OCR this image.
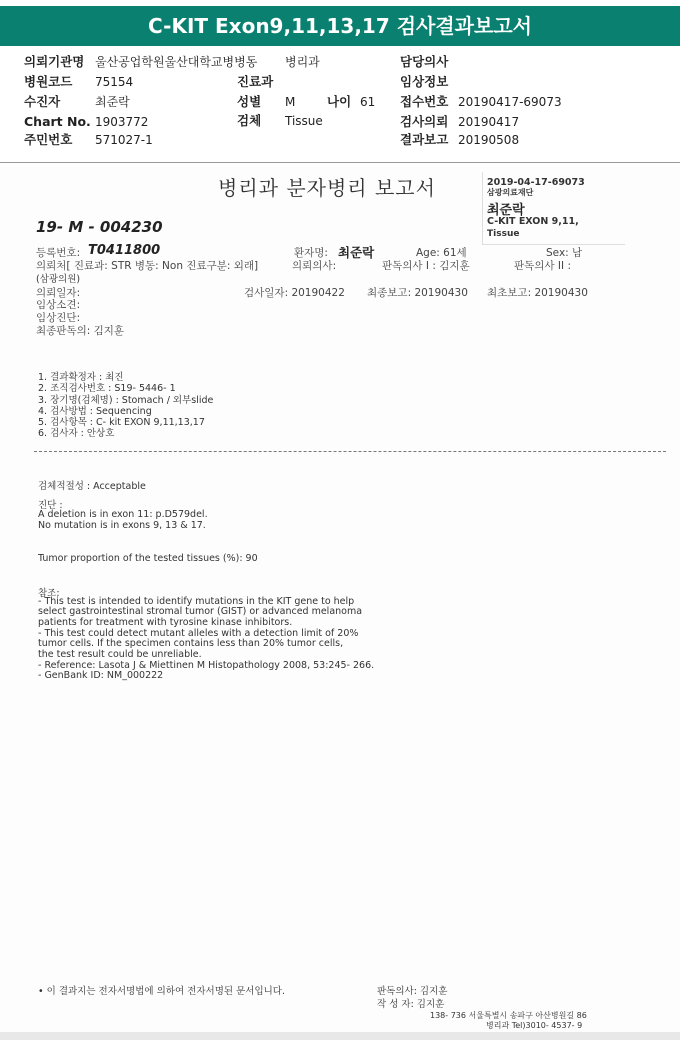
C-KIT Exon9,11,13,17 검사결과보고서
의뢰기관명 울산공업학원울산대학교병병동 병리과	담당의사
병원코드 75154	진료과	임상정보
수진자	최준락	성별 M	나이 61 접수번호 20190417-69073
Chart No. 1903772	검체 Tissue	검사의뢰 20190417
주민번호 571027-1	결과보고 20190508
병리과 분자병리 보고서	2019-04-17-69073
삼광의료재단
최준락
C-KIT EXON 9,11,
Tissue
19- M - 004230
등록번호: T0411800	환자명: 최준락	Age: 61세	Sex: 남
의뢰처[ 진료과: STR 병동: Non 진료구분: 외래]	의뢰의사:	판독의사 I : 김지훈	판독의사 II :
(삼광의원)
의뢰일자:	검사일자: 20190422 최종보고: 20190430 최초보고: 20190430
임상소견:
임상진단:
최종판독의: 김지훈
1. 결과확정자 : 최진
2. 조직검사번호 : S19- 5446- 1
3. 장기명(검체명) : Stomach / 외부slide
4. 검사방법 : Sequencing
5. 검사항목 : C- kit EXON 9,11,13,17
6. 검사자 : 안상호
검체적절성 : Acceptable
진단 :
A deletion is in exon 11: p.D579del.
No mutation is in exons 9, 13 & 17.
Tumor proportion of the tested tissues (%): 90
참조:
- This test is intended to identify mutations in the KIT gene to help
select gastrointestinal stromal tumor (GIST) or advanced melanoma
patients for treatment with tyrosine kinase inhibitors.
- This test could detect mutant alleles with a detection limit of 20%
tumor cells. If the specimen contains less than 20% tumor cells,
the test result could be unreliable.
- Reference: Lasota J & Miettinen M Histopathology 2008, 53:245- 266.
- GenBank ID: NM_000222
• 이 결과지는 전자서명법에 의하여 전자서명된 문서입니다.	판독의사: 김지훈
작 성 자: 김지훈
138- 736 서울특별시 송파구 아산병원길 86
병리과 Tel)3010- 4537- 9
